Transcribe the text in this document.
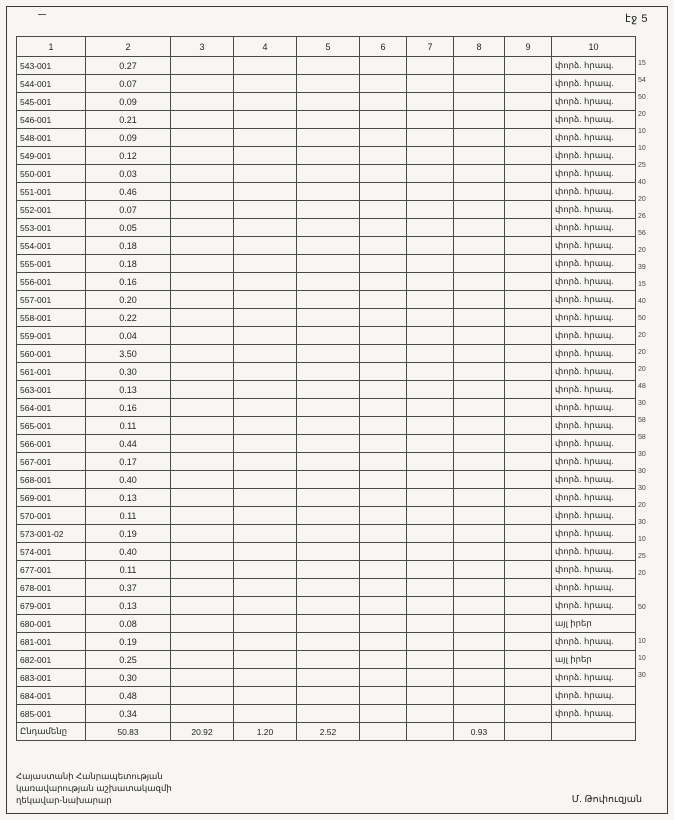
էջ 5
1	2	3	4	5	6	7	8	9	10
543-001	0.27								փորձ. հրապ.
544-001	0.07								փորձ. հրապ.
545-001	0.09								փորձ. հրապ.
546-001	0.21								փորձ. հրապ.
548-001	0.09								փորձ. հրապ.
549-001	0.12								փորձ. հրապ.
550-001	0.03								փորձ. հրապ.
551-001	0.46								փորձ. հրապ.
552-001	0.07								փորձ. հրապ.
553-001	0.05								փորձ. հրապ.
554-001	0.18								փորձ. հրապ.
555-001	0.18								փորձ. հրապ.
556-001	0.16								փորձ. հրապ.
557-001	0.20								փորձ. հրապ.
558-001	0.22								փորձ. հրապ.
559-001	0.04								փորձ. հրապ.
560-001	3.50								փորձ. հրապ.
561-001	0.30								փորձ. հրապ.
563-001	0.13								փորձ. հրապ.
564-001	0.16								փորձ. հրապ.
565-001	0.11								փորձ. հրապ.
566-001	0.44								փորձ. հրապ.
567-001	0.17								փորձ. հրապ.
568-001	0.40								փորձ. հրապ.
569-001	0.13								փորձ. հրապ.
570-001	0.11								փորձ. հրապ.
573-001-02	0.19								փորձ. հրապ.
574-001	0.40								փորձ. հրապ.
677-001	0.11								փորձ. հրապ.
678-001	0.37								փորձ. հրապ.
679-001	0.13								փորձ. հրապ.
680-001	0.08								այլ իրեր
681-001	0.19								փորձ. հրապ.
682-001	0.25								այլ իրեր
683-001	0.30								փորձ. հրապ.
684-001	0.48								փորձ. հրապ.
685-001	0.34								փորձ. հրապ.
Ընդամենը	50.83	20.92	1.20	2.52			0.93		
15
54
50
20
10
10
25
40
20
26
56
20
39
15
40
50
20
20
20
48
30
58
58
30
30
30
20
30
10
25
20
50
10
10
30
Հայաստանի Հանրապետության
կառավարության աշխատակազմի
ղեկավար-նախարար	Մ. Թոփուզյան
